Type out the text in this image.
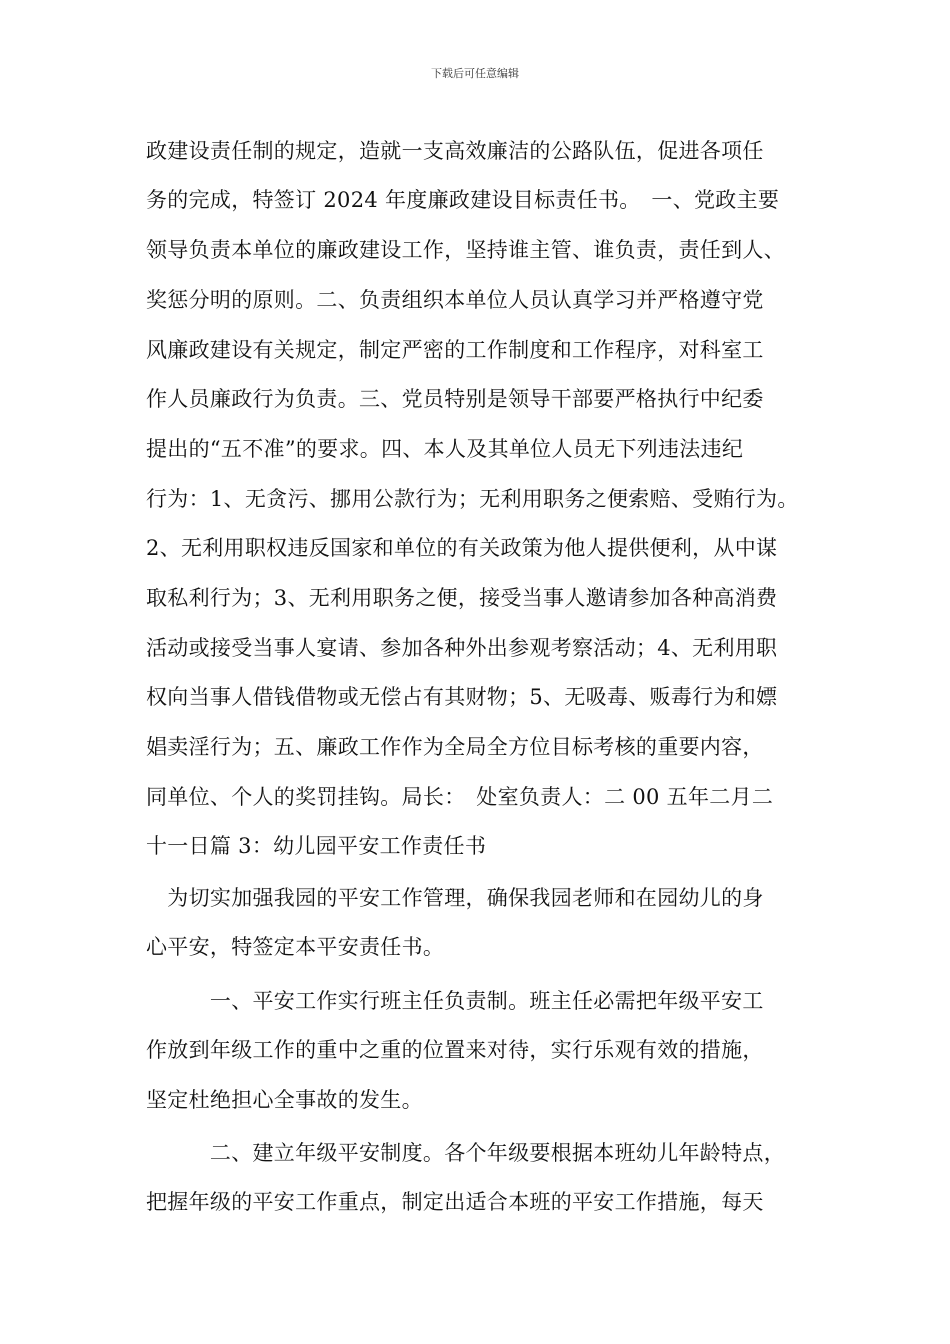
下载后可任意编辑
政建设责任制的规定，造就一支高效廉洁的公路队伍，促进各项任
务的完成，特签订 2024 年度廉政建设目标责任书。　一、党政主要
领导负责本单位的廉政建设工作，坚持谁主管、谁负责，责任到人、
奖惩分明的原则。二、负责组织本单位人员认真学习并严格遵守党
风廉政建设有关规定，制定严密的工作制度和工作程序，对科室工
作人员廉政行为负责。三、党员特别是领导干部要严格执行中纪委
提出的“五不准”的要求。四、本人及其单位人员无下列违法违纪
行为：1、无贪污、挪用公款行为；无利用职务之便索赔、受贿行为。
2、无利用职权违反国家和单位的有关政策为他人提供便利，从中谋
取私利行为；3、无利用职务之便，接受当事人邀请参加各种高消费
活动或接受当事人宴请、参加各种外出参观考察活动；4、无利用职
权向当事人借钱借物或无偿占有其财物；5、无吸毒、贩毒行为和嫖
娼卖淫行为；五、廉政工作作为全局全方位目标考核的重要内容，
同单位、个人的奖罚挂钩。局长：　处室负责人：二 00 五年二月二
十一日篇 3：幼儿园平安工作责任书
　为切实加强我园的平安工作管理，确保我园老师和在园幼儿的身
心平安，特签定本平安责任书。
　　　一、平安工作实行班主任负责制。班主任必需把年级平安工
作放到年级工作的重中之重的位置来对待，实行乐观有效的措施，
坚定杜绝担心全事故的发生。
　　　二、建立年级平安制度。各个年级要根据本班幼儿年龄特点，
把握年级的平安工作重点，制定出适合本班的平安工作措施，每天
